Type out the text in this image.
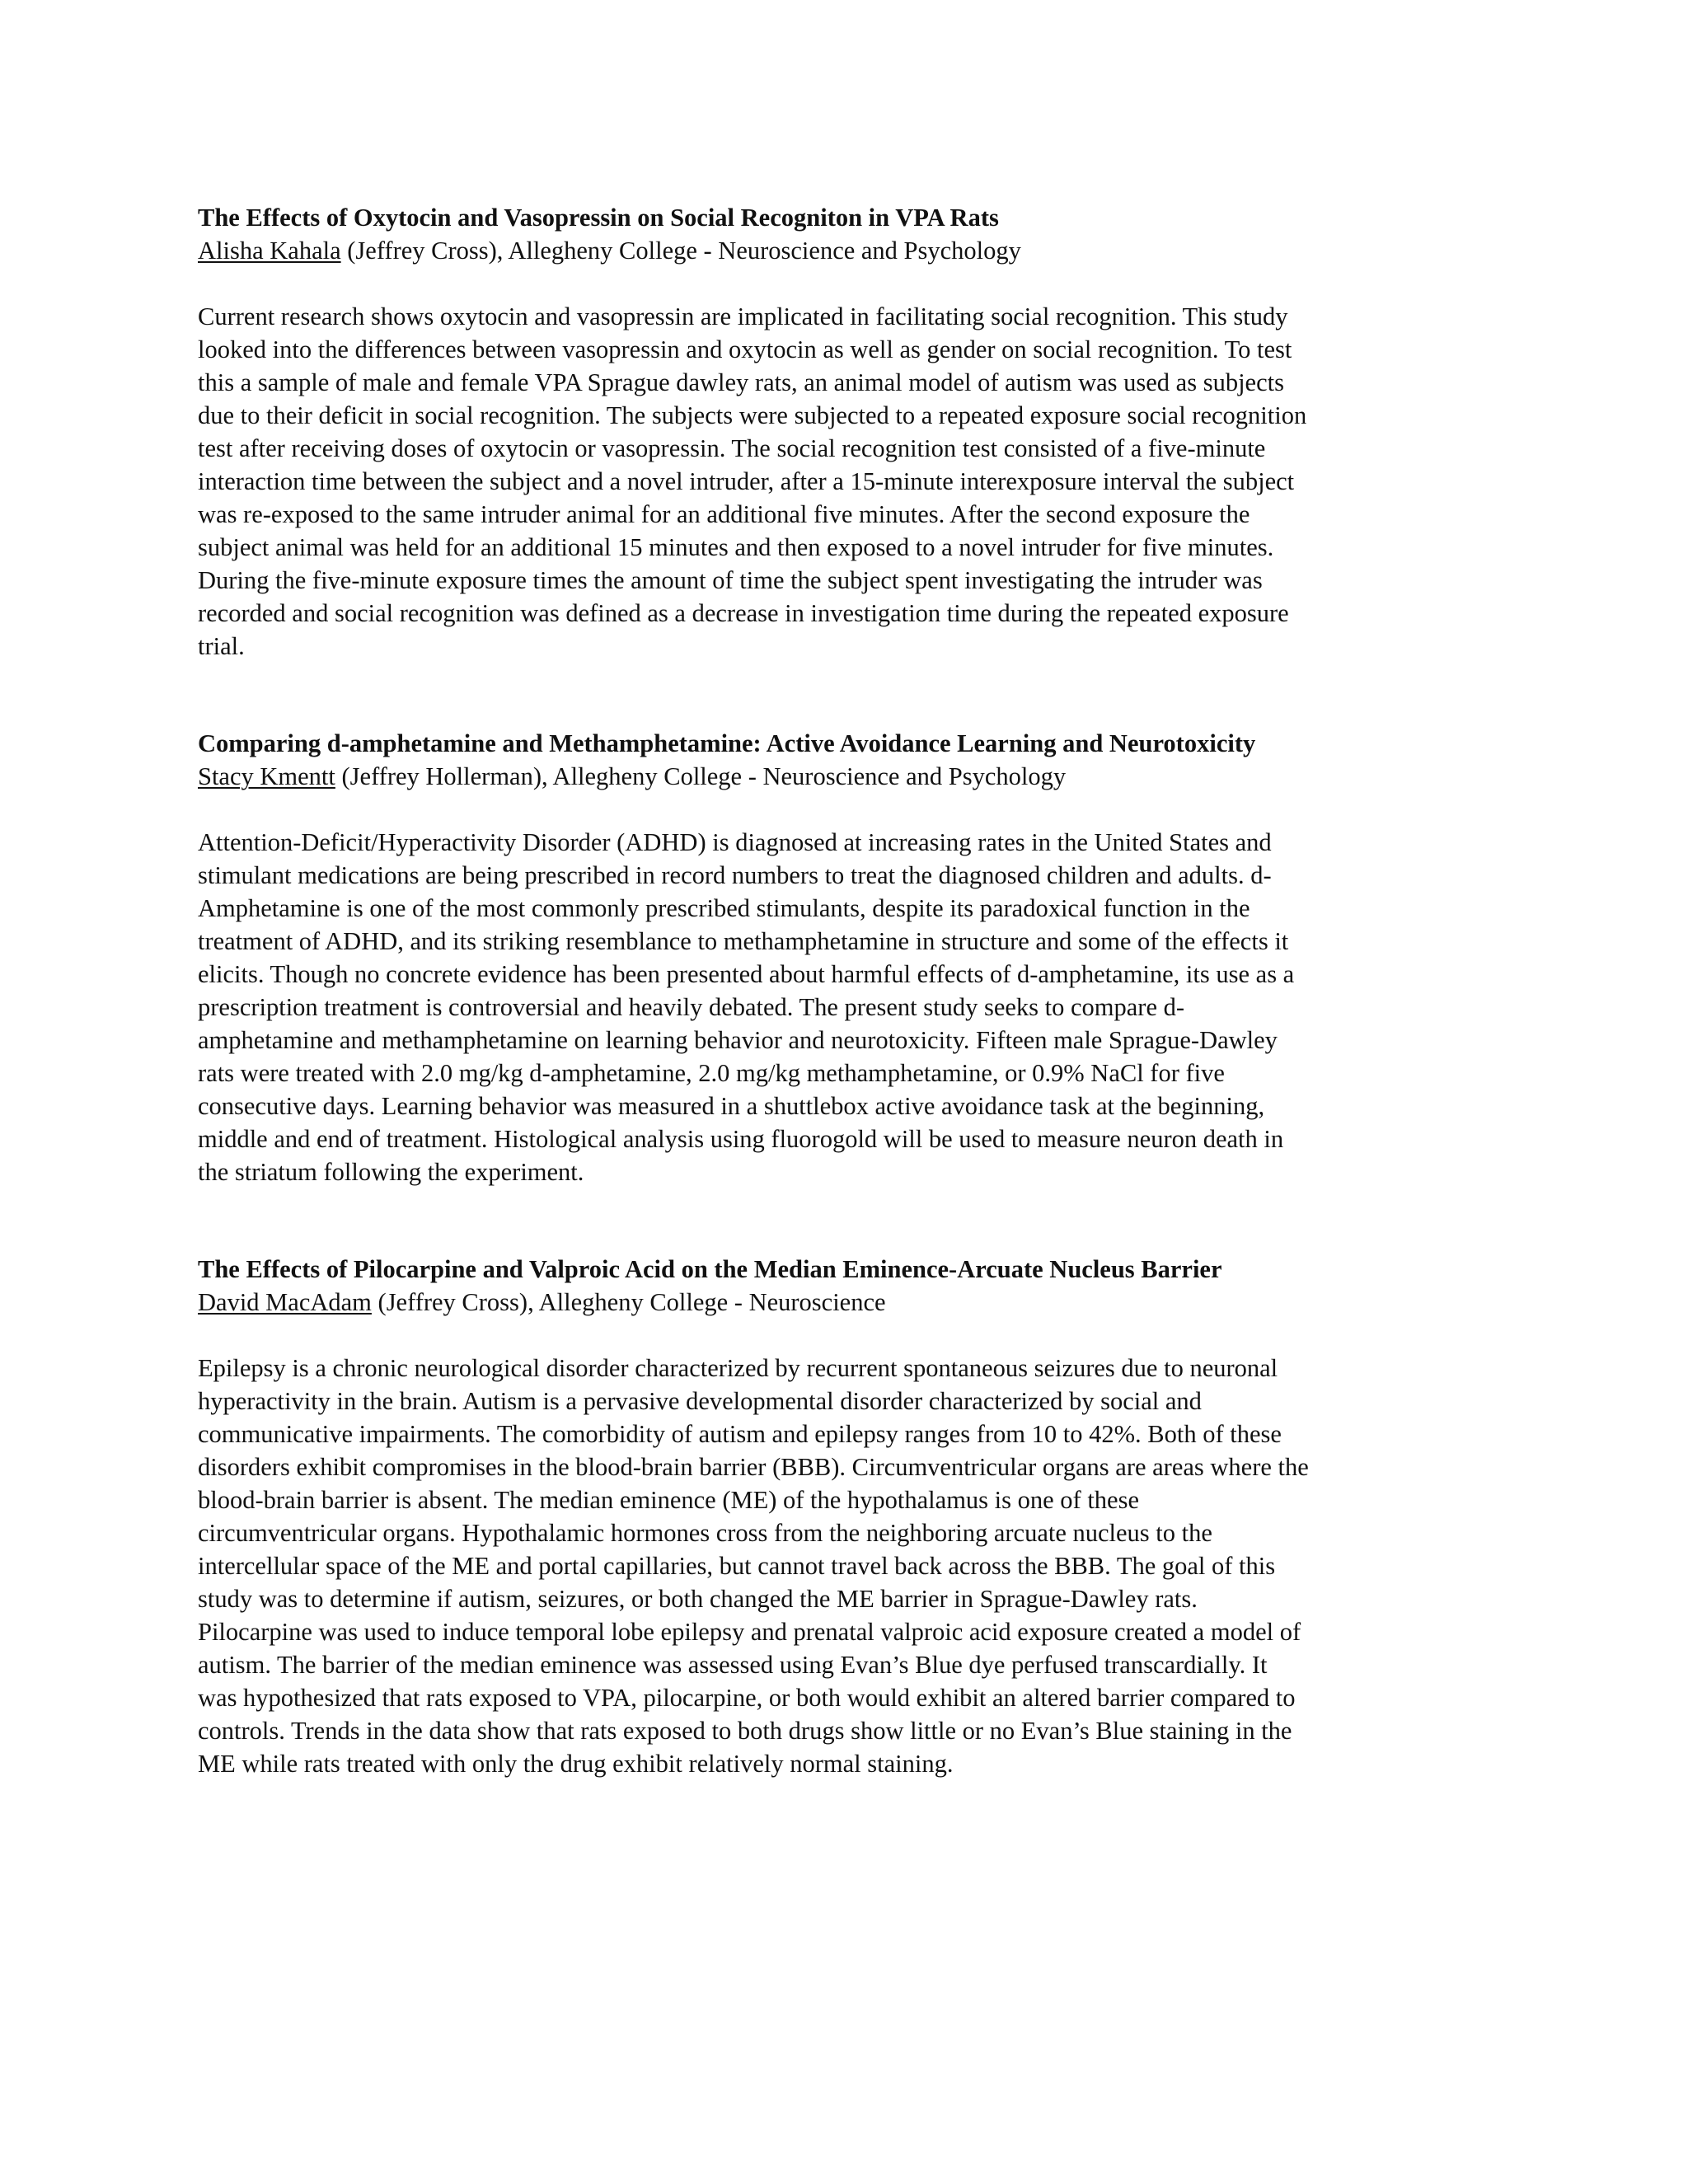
The Effects of Oxytocin and Vasopressin on Social Recogniton in VPA Rats

Alisha Kahala (Jeffrey Cross), Allegheny College - Neuroscience and Psychology

Current research shows oxytocin and vasopressin are implicated in facilitating social recognition. This study
looked into the differences between vasopressin and oxytocin as well as gender on social recognition. To test
this a sample of male and female VPA Sprague dawley rats, an animal model of autism was used as subjects
due to their deficit in social recognition. The subjects were subjected to a repeated exposure social recognition
test after receiving doses of oxytocin or vasopressin. The social recognition test consisted of a five-minute
interaction time between the subject and a novel intruder, after a 15-minute interexposure interval the subject
was re-exposed to the same intruder animal for an additional five minutes. After the second exposure the
subject animal was held for an additional 15 minutes and then exposed to a novel intruder for five minutes.
During the five-minute exposure times the amount of time the subject spent investigating the intruder was
recorded and social recognition was defined as a decrease in investigation time during the repeated exposure
trial.

Comparing d-amphetamine and Methamphetamine: Active Avoidance Learning and Neurotoxicity

Stacy Kmentt (Jeffrey Hollerman), Allegheny College - Neuroscience and Psychology

Attention-Deficit/Hyperactivity Disorder (ADHD) is diagnosed at increasing rates in the United States and
stimulant medications are being prescribed in record numbers to treat the diagnosed children and adults. d-
Amphetamine is one of the most commonly prescribed stimulants, despite its paradoxical function in the
treatment of ADHD, and its striking resemblance to methamphetamine in structure and some of the effects it
elicits. Though no concrete evidence has been presented about harmful effects of d-amphetamine, its use as a
prescription treatment is controversial and heavily debated. The present study seeks to compare d-
amphetamine and methamphetamine on learning behavior and neurotoxicity. Fifteen male Sprague-Dawley
rats were treated with 2.0 mg/kg d-amphetamine, 2.0 mg/kg methamphetamine, or 0.9% NaCl for five
consecutive days. Learning behavior was measured in a shuttlebox active avoidance task at the beginning,
middle and end of treatment. Histological analysis using fluorogold will be used to measure neuron death in
the striatum following the experiment.

The Effects of Pilocarpine and Valproic Acid on the Median Eminence-Arcuate Nucleus Barrier

David MacAdam (Jeffrey Cross), Allegheny College - Neuroscience

Epilepsy is a chronic neurological disorder characterized by recurrent spontaneous seizures due to neuronal
hyperactivity in the brain. Autism is a pervasive developmental disorder characterized by social and
communicative impairments. The comorbidity of autism and epilepsy ranges from 10 to 42%. Both of these
disorders exhibit compromises in the blood-brain barrier (BBB). Circumventricular organs are areas where the
blood-brain barrier is absent. The median eminence (ME) of the hypothalamus is one of these
circumventricular organs. Hypothalamic hormones cross from the neighboring arcuate nucleus to the
intercellular space of the ME and portal capillaries, but cannot travel back across the BBB. The goal of this
study was to determine if autism, seizures, or both changed the ME barrier in Sprague-Dawley rats.
Pilocarpine was used to induce temporal lobe epilepsy and prenatal valproic acid exposure created a model of
autism. The barrier of the median eminence was assessed using Evan’s Blue dye perfused transcardially. It
was hypothesized that rats exposed to VPA, pilocarpine, or both would exhibit an altered barrier compared to
controls. Trends in the data show that rats exposed to both drugs show little or no Evan’s Blue staining in the
ME while rats treated with only the drug exhibit relatively normal staining.
